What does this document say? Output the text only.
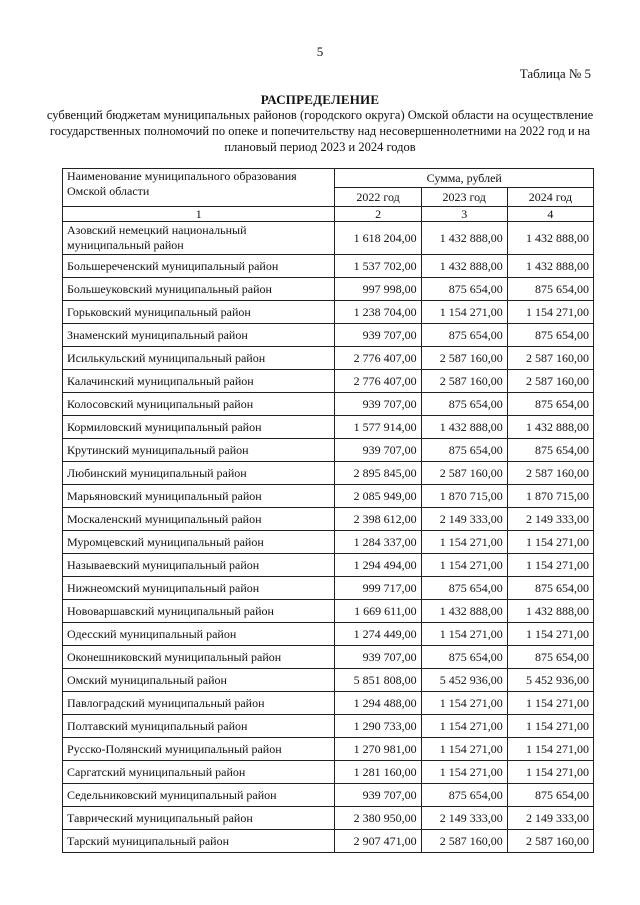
5
Таблица № 5
РАСПРЕДЕЛЕНИЕ
субвенций бюджетам муниципальных районов (городского округа) Омской области на осуществление государственных полномочий по опеке и попечительству над несовершеннолетними на 2022 год и на плановый период 2023 и 2024 годов
Наименование муниципального образования Омской области	Сумма, рублей		
	2022 год	2023 год	2024 год
1	2	3	4
Азовский немецкий национальный муниципальный район	1 618 204,00	1 432 888,00	1 432 888,00
Большереченский муниципальный район	1 537 702,00	1 432 888,00	1 432 888,00
Большеуковский муниципальный район	997 998,00	875 654,00	875 654,00
Горьковский муниципальный район	1 238 704,00	1 154 271,00	1 154 271,00
Знаменский муниципальный район	939 707,00	875 654,00	875 654,00
Исилькульский муниципальный район	2 776 407,00	2 587 160,00	2 587 160,00
Калачинский муниципальный район	2 776 407,00	2 587 160,00	2 587 160,00
Колосовский муниципальный район	939 707,00	875 654,00	875 654,00
Кормиловский муниципальный район	1 577 914,00	1 432 888,00	1 432 888,00
Крутинский муниципальный район	939 707,00	875 654,00	875 654,00
Любинский муниципальный район	2 895 845,00	2 587 160,00	2 587 160,00
Марьяновский муниципальный район	2 085 949,00	1 870 715,00	1 870 715,00
Москаленский муниципальный район	2 398 612,00	2 149 333,00	2 149 333,00
Муромцевский муниципальный район	1 284 337,00	1 154 271,00	1 154 271,00
Называевский муниципальный район	1 294 494,00	1 154 271,00	1 154 271,00
Нижнеомский муниципальный район	999 717,00	875 654,00	875 654,00
Нововаршавский муниципальный район	1 669 611,00	1 432 888,00	1 432 888,00
Одесский муниципальный район	1 274 449,00	1 154 271,00	1 154 271,00
Оконешниковский муниципальный район	939 707,00	875 654,00	875 654,00
Омский муниципальный район	5 851 808,00	5 452 936,00	5 452 936,00
Павлоградский муниципальный район	1 294 488,00	1 154 271,00	1 154 271,00
Полтавский муниципальный район	1 290 733,00	1 154 271,00	1 154 271,00
Русско-Полянский муниципальный район	1 270 981,00	1 154 271,00	1 154 271,00
Саргатский муниципальный район	1 281 160,00	1 154 271,00	1 154 271,00
Седельниковский муниципальный район	939 707,00	875 654,00	875 654,00
Таврический муниципальный район	2 380 950,00	2 149 333,00	2 149 333,00
Тарский муниципальный район	2 907 471,00	2 587 160,00	2 587 160,00
